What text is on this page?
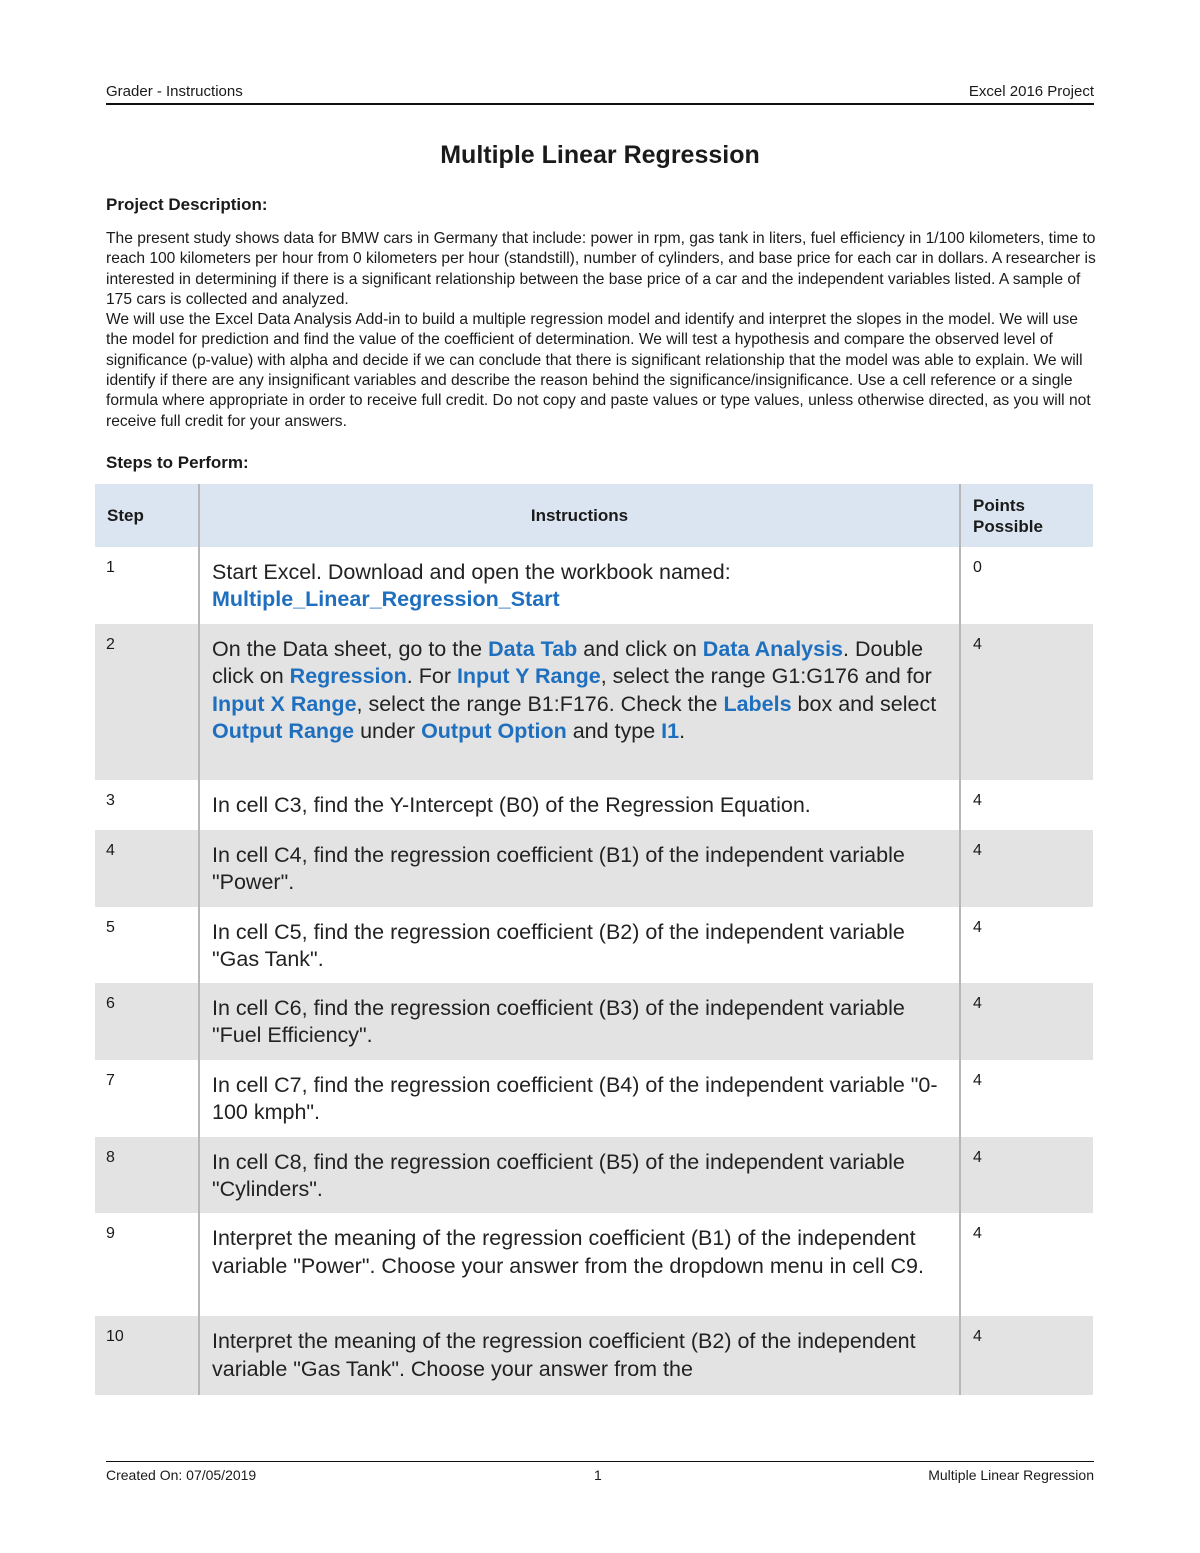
Grader - Instructions	Excel 2016 Project
Multiple Linear Regression
Project Description:

The present study shows data for BMW cars in Germany that include: power in rpm, gas tank in liters, fuel efficiency in 1/100 kilometers, time to reach 100 kilometers per hour from 0 kilometers per hour (standstill), number of cylinders, and base price for each car in dollars. A researcher is interested in determining if there is a significant relationship between the base price of a car and the independent variables listed. A sample of 175 cars is collected and analyzed.

We will use the Excel Data Analysis Add-in to build a multiple regression model and identify and interpret the slopes in the model. We will use the model for prediction and find the value of the coefficient of determination. We will test a hypothesis and compare the observed level of significance (p-value) with alpha and decide if we can conclude that there is significant relationship that the model was able to explain. We will identify if there are any insignificant variables and describe the reason behind the significance/insignificance. Use a cell reference or a single formula where appropriate in order to receive full credit. Do not copy and paste values or type values, unless otherwise directed, as you will not receive full credit for your answers.

Steps to Perform:
Step	Instructions	Points Possible
1	Start Excel. Download and open the workbook named: Multiple_Linear_Regression_Start	0
2	On the Data sheet, go to the Data Tab and click on Data Analysis. Double click on Regression. For Input Y Range, select the range G1:G176 and for Input X Range, select the range B1:F176. Check the Labels box and select Output Range under Output Option and type I1.	4
3	In cell C3, find the Y-Intercept (B0) of the Regression Equation.	4
4	In cell C4, find the regression coefficient (B1) of the independent variable "Power".	4
5	In cell C5, find the regression coefficient (B2) of the independent variable "Gas Tank".	4
6	In cell C6, find the regression coefficient (B3) of the independent variable "Fuel Efficiency".	4
7	In cell C7, find the regression coefficient (B4) of the independent variable "0-100 kmph".	4
8	In cell C8, find the regression coefficient (B5) of the independent variable "Cylinders".	4
9	Interpret the meaning of the regression coefficient (B1) of the independent variable "Power". Choose your answer from the dropdown menu in cell C9.	4
10	Interpret the meaning of the regression coefficient (B2) of the independent variable "Gas Tank". Choose your answer from the	4
Created On: 07/05/2019	1	Multiple Linear Regression
